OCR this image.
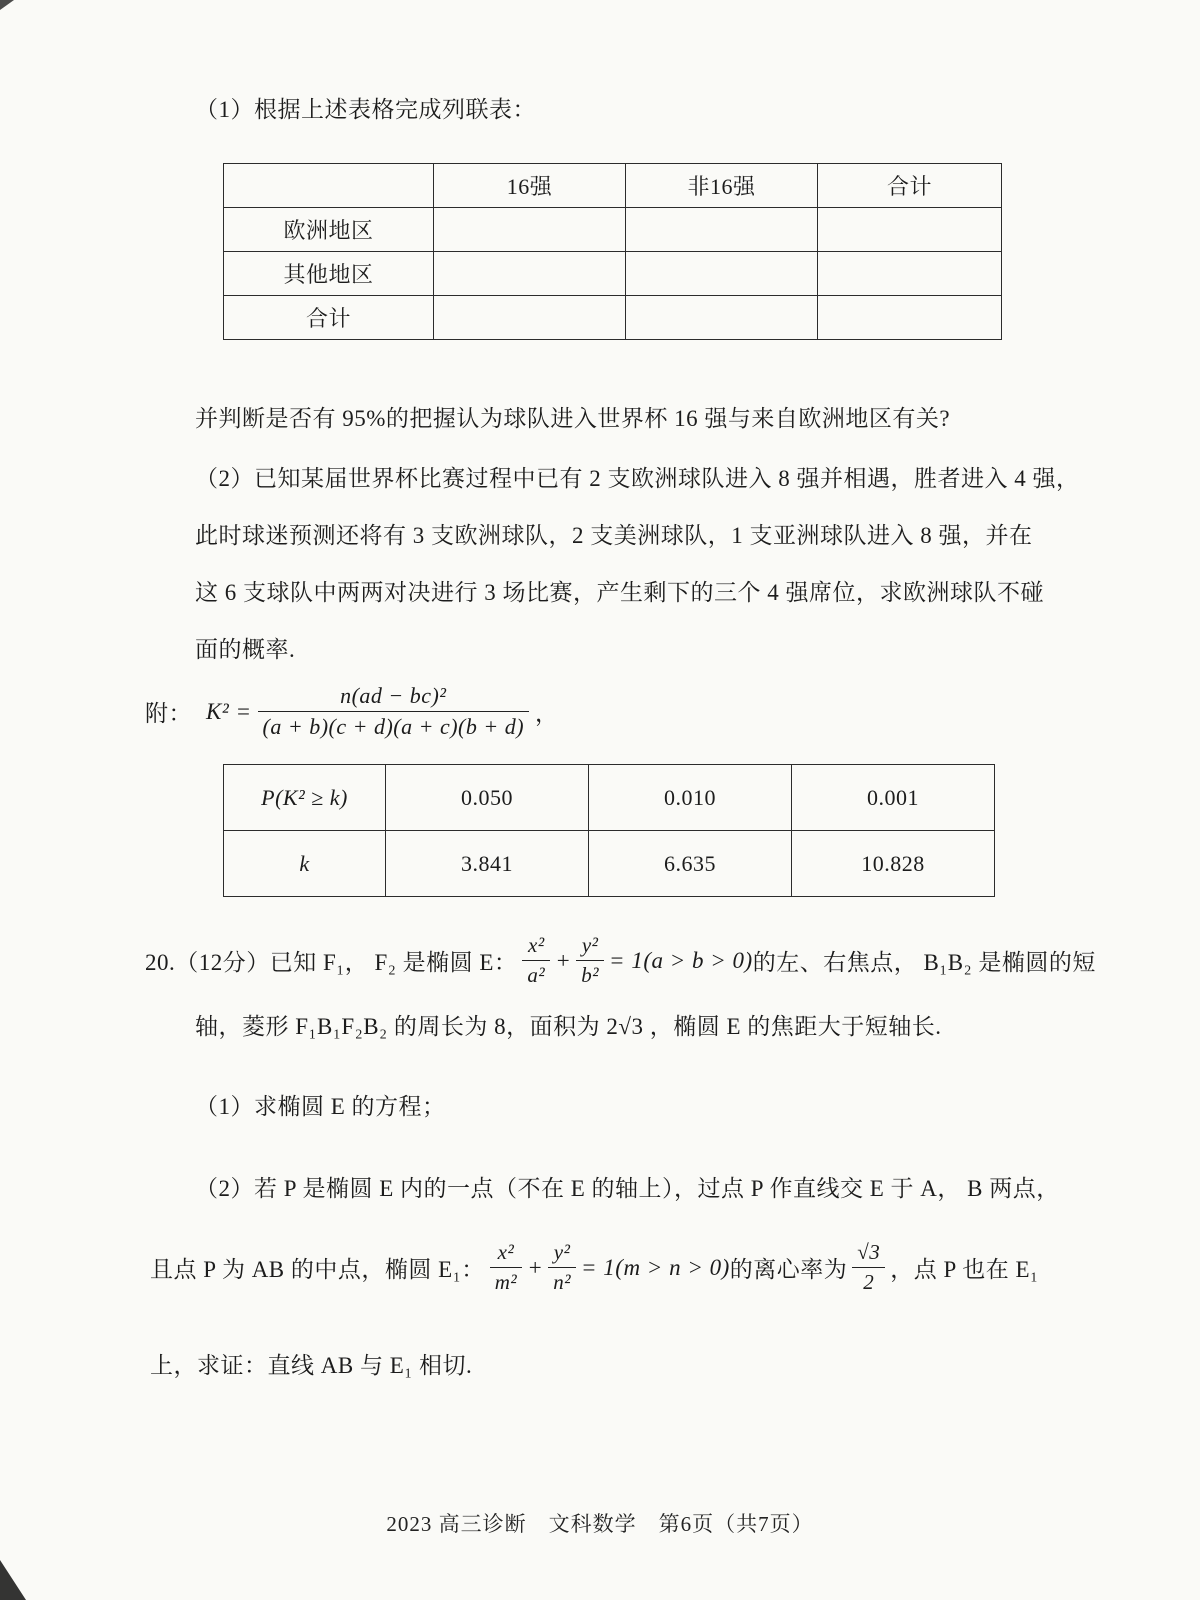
（1）根据上述表格完成列联表：

	16强	非16强	合计
欧洲地区			
其他地区			
合计			

并判断是否有 95%的把握认为球队进入世界杯 16 强与来自欧洲地区有关?

（2）已知某届世界杯比赛过程中已有 2 支欧洲球队进入 8 强并相遇，胜者进入 4 强，

此时球迷预测还将有 3 支欧洲球队，2 支美洲球队，1 支亚洲球队进入 8 强，并在

这 6 支球队中两两对决进行 3 场比赛，产生剩下的三个 4 强席位，求欧洲球队不碰

面的概率.

附： $K^2 = \frac{\text{n(ad − bc)²}}{(a + b)(c + d)(a + c)(b + d)}$ ，
P(K² ≥ k)	0.050	0.010	0.001
k	3.841	6.635	10.828
20.（12分）已知 F₁， F₂ 是椭圆 E： $\frac{\text{x²}}{\text{a²}} + \frac{\text{y²}}{\text{b²}} = 1(a > b > 0)$ 的左、右焦点， B₁B₂ 是椭圆的短

轴，菱形 F₁B₁F₂B₂ 的周长为 8，面积为 2√3 ，椭圆 E 的焦距大于短轴长.

（1）求椭圆 E 的方程；

（2）若 P 是椭圆 E 内的一点（不在 E 的轴上），过点 P 作直线交 E 于 A， B 两点，

且点 P 为 AB 的中点，椭圆 E₁： $\frac{\text{x²}}{\text{m²}} + \frac{\text{y²}}{\text{n²}} = 1(m > n > 0)$ 的离心率为 $\frac{√3}{2}$ ，点 P 也在 E₁

上，求证：直线 AB 与 E₁ 相切.

2023 高三诊断　文科数学　第6页（共7页）
